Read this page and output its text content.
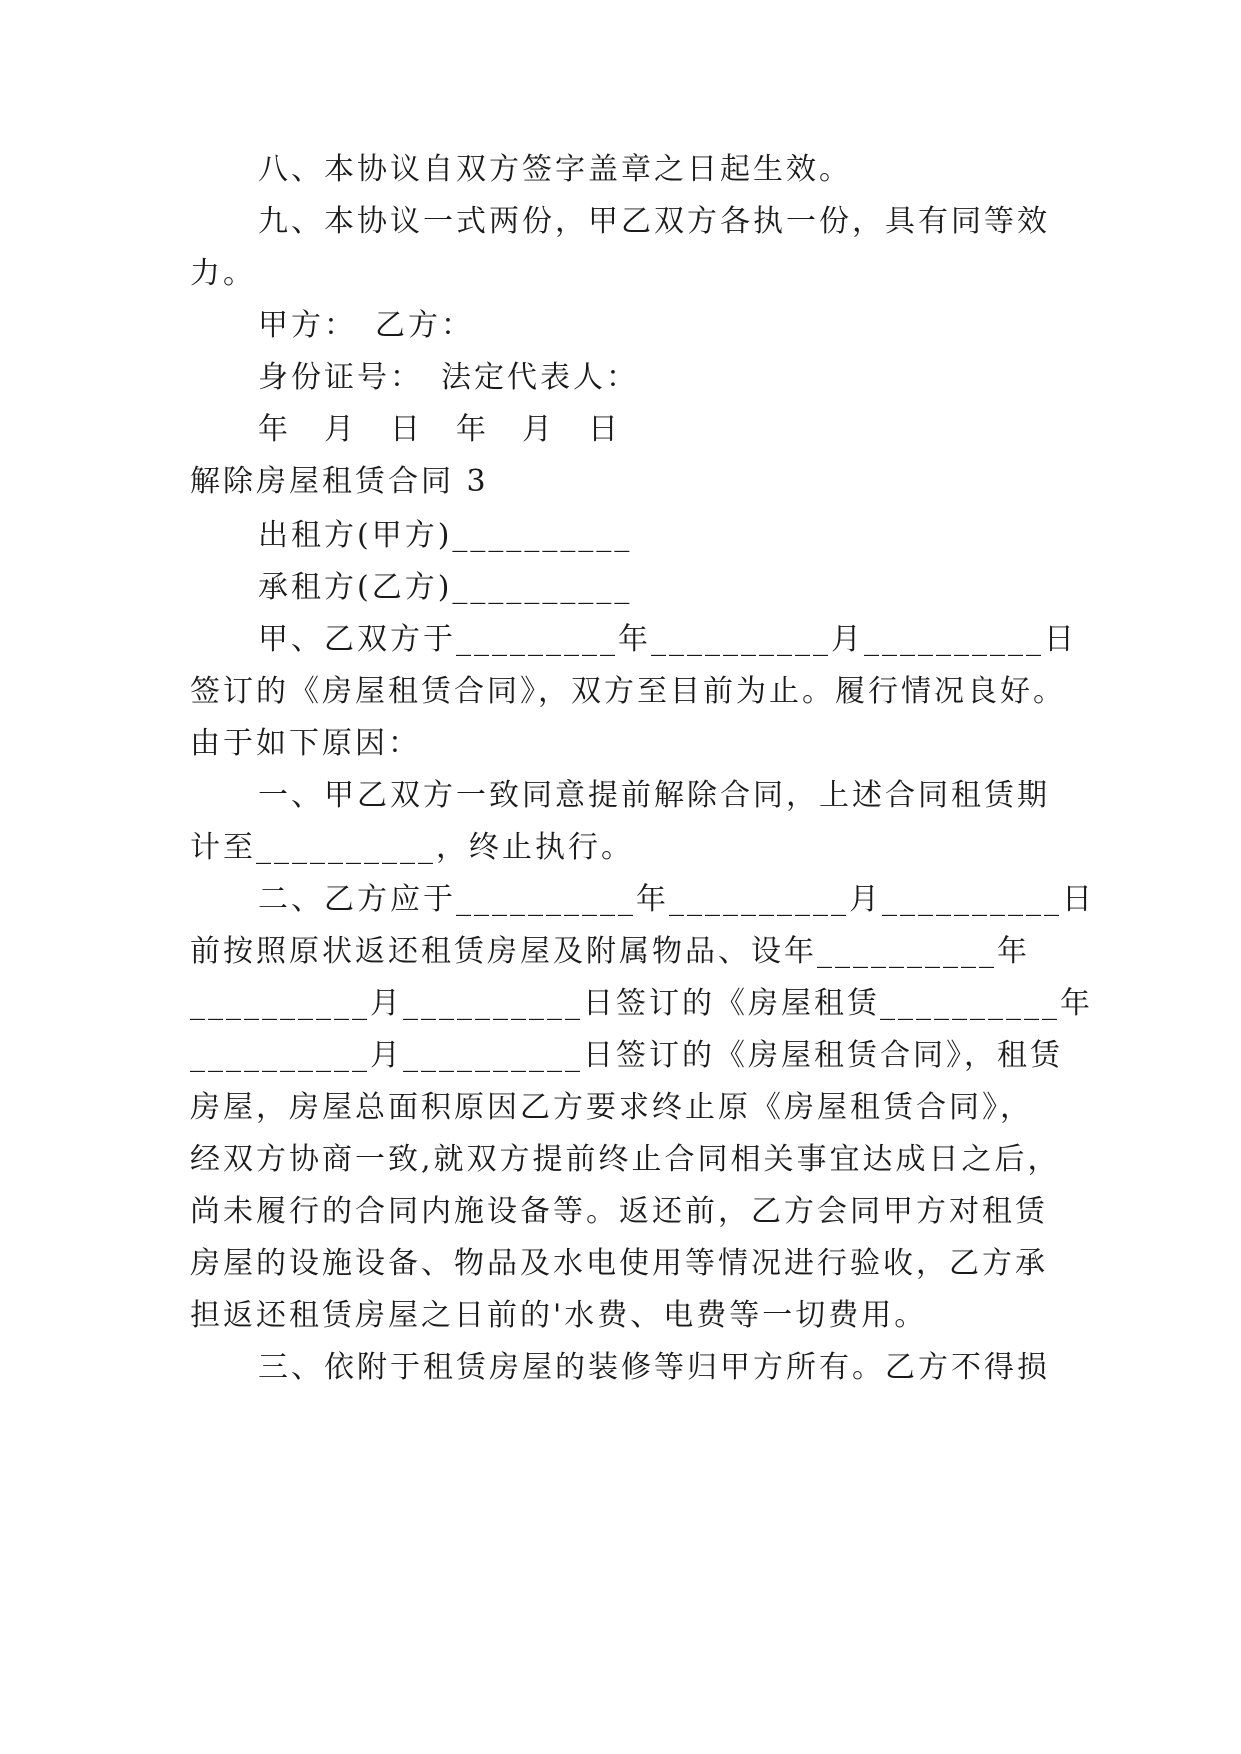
八、本协议自双方签字盖章之日起生效。
九、本协议一式两份，甲乙双方各执一份，具有同等效
力。
甲方：　乙方：
身份证号：　法定代表人：
年　月　日　年　月　日
解除房屋租赁合同 3
出租方(甲方)__________
承租方(乙方)__________
甲、乙双方于_________年__________月__________日
签订的《房屋租赁合同》，双方至目前为止。履行情况良好。
由于如下原因：
一、甲乙双方一致同意提前解除合同，上述合同租赁期
计至__________，终止执行。
二、乙方应于__________年__________月__________日
前按照原状返还租赁房屋及附属物品、设年__________年
__________月__________日签订的《房屋租赁__________年
__________月__________日签订的《房屋租赁合同》，租赁
房屋，房屋总面积原因乙方要求终止原《房屋租赁合同》，
经双方协商一致,就双方提前终止合同相关事宜达成日之后，
尚未履行的合同内施设备等。返还前，乙方会同甲方对租赁
房屋的设施设备、物品及水电使用等情况进行验收，乙方承
担返还租赁房屋之日前的'水费、电费等一切费用。
三、依附于租赁房屋的装修等归甲方所有。乙方不得损
